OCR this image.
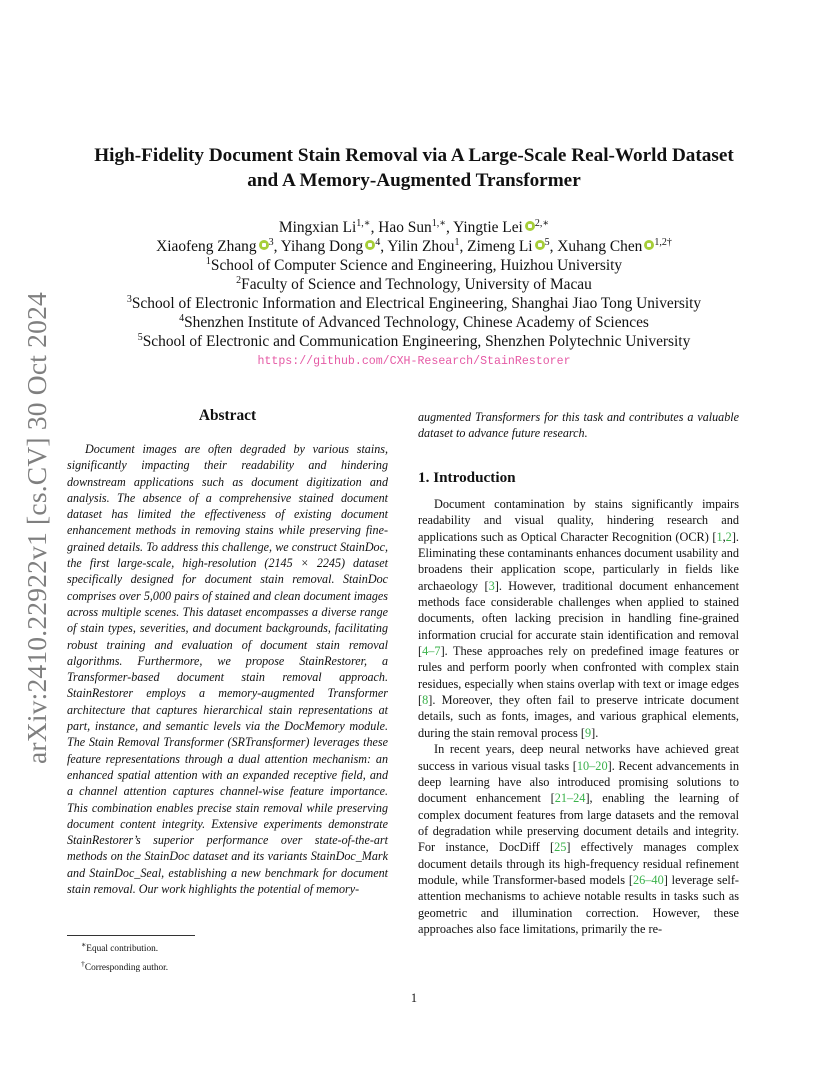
arXiv:2410.22922v1 [cs.CV] 30 Oct 2024
High-Fidelity Document Stain Removal via A Large-Scale Real-World Dataset
and A Memory-Augmented Transformer
Mingxian $Li^{1,∗}$, Hao Sun$^{1,∗}$, Yingtie Lei $^{2,∗}$
Xiaofeng Zhang $^3$, Yihang Dong $^4$, Yilin Zhou$^1$, Zimeng Li $^5$, Xuhang Chen $^{1,2\dagger}$
$^1$School of Computer Science and Engineering, Huizhou University
$^2$Faculty of Science and Technology, University of Macau
$^3$School of Electronic Information and Electrical Engineering, Shanghai Jiao Tong University
$^4$Shenzhen Institute of Advanced Technology, Chinese Academy of Sciences
$^5$School of Electronic and Communication Engineering, Shenzhen Polytechnic University
https://github.com/CXH-Research/StainRestorer
Abstract

Document images are often degraded by various stains, significantly impacting their readability and hindering downstream applications such as document digitization and analysis. The absence of a comprehensive stained document dataset has limited the effectiveness of existing document enhancement methods in removing stains while preserving fine-grained details. To address this challenge, we construct StainDoc, the first large-scale, high-resolution (2145 × 2245) dataset specifically designed for document stain removal. StainDoc comprises over 5,000 pairs of stained and clean document images across multiple scenes. This dataset encompasses a diverse range of stain types, severities, and document backgrounds, facilitating robust training and evaluation of document stain removal algorithms. Furthermore, we propose StainRestorer, a Transformer-based document stain removal approach. StainRestorer employs a memory-augmented Transformer architecture that captures hierarchical stain representations at part, instance, and semantic levels via the DocMemory module. The Stain Removal Transformer (SRTransformer) leverages these feature representations through a dual attention mechanism: an enhanced spatial attention with an expanded receptive field, and a channel attention captures channel-wise feature importance. This combination enables precise stain removal while preserving document content integrity. Extensive experiments demonstrate StainRestorer’s superior performance over state-of-the-art methods on the StainDoc dataset and its variants StainDoc_Mark and StainDoc_Seal, establishing a new benchmark for document stain removal. Our work highlights the potential of memory-

augmented Transformers for this task and contributes a valuable dataset to advance future research.

1. Introduction

Document contamination by stains significantly impairs readability and visual quality, hindering research and applications such as Optical Character Recognition (OCR) [1,2]. Eliminating these contaminants enhances document usability and broadens their application scope, particularly in fields like archaeology [3]. However, traditional document enhancement methods face considerable challenges when applied to stained documents, often lacking precision in handling fine-grained information crucial for accurate stain identification and removal [4–7]. These approaches rely on predefined image features or rules and perform poorly when confronted with complex stain residues, especially when stains overlap with text or image edges [8]. Moreover, they often fail to preserve intricate document details, such as fonts, images, and various graphical elements, during the stain removal process [9].

In recent years, deep neural networks have achieved great success in various visual tasks [10–20]. Recent advancements in deep learning have also introduced promising solutions to document enhancement [21–24], enabling the learning of complex document features from large datasets and the removal of degradation while preserving document details and integrity. For instance, DocDiff [25] effectively manages complex document details through its high-frequency residual refinement module, while Transformer-based models [26–40] leverage self-attention mechanisms to achieve notable results in tasks such as geometric and illumination correction. However, these approaches also face limitations, primarily the re-

∗Equal contribution.
†Corresponding author.
1
